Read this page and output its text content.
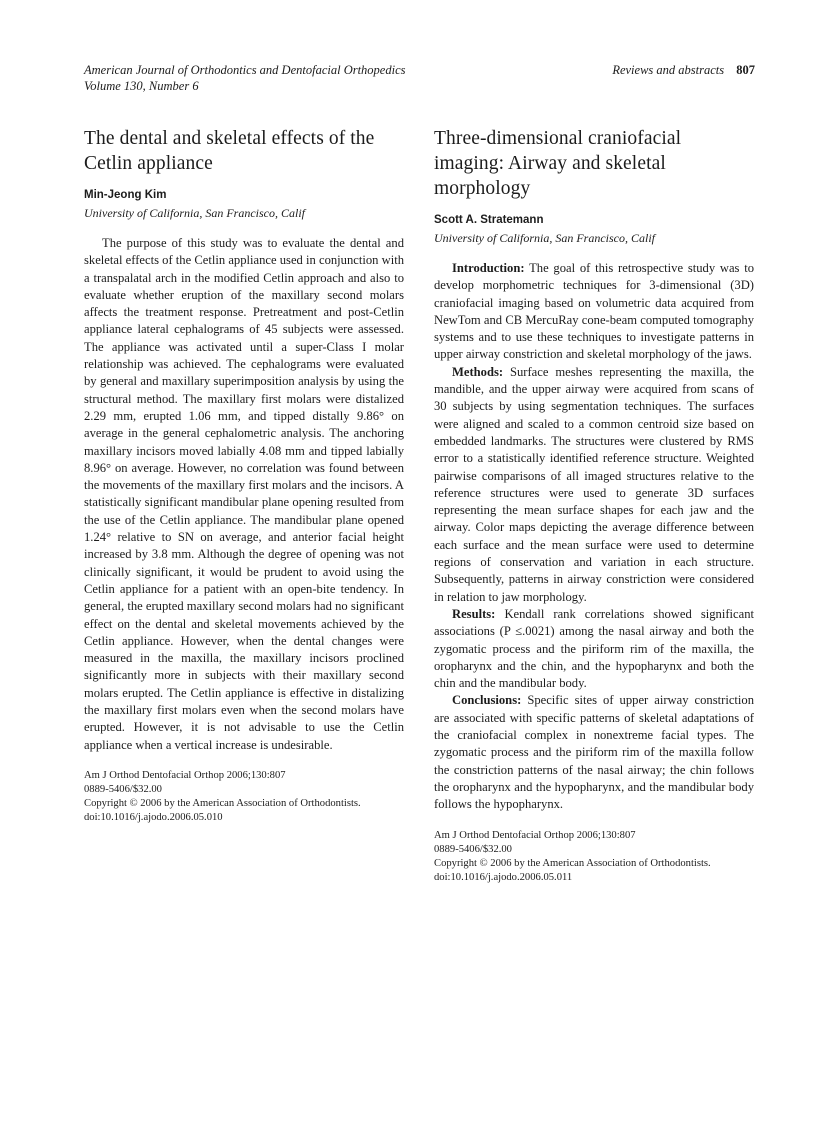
American Journal of Orthodontics and Dentofacial Orthopedics
Volume 130, Number 6
Reviews and abstracts 807
The dental and skeletal effects of the Cetlin appliance
Min-Jeong Kim
University of California, San Francisco, Calif

The purpose of this study was to evaluate the dental and skeletal effects of the Cetlin appliance used in conjunction with a transpalatal arch in the modified Cetlin approach and also to evaluate whether eruption of the maxillary second molars affects the treatment response. Pretreatment and post-Cetlin appliance lateral cephalograms of 45 subjects were assessed. The appliance was activated until a super-Class I molar relationship was achieved. The cephalograms were evaluated by general and maxillary superimposition analysis by using the structural method. The maxillary first molars were distalized 2.29 mm, erupted 1.06 mm, and tipped distally 9.86° on average in the general cephalometric analysis. The anchoring maxillary incisors moved labially 4.08 mm and tipped labially 8.96° on average. However, no correlation was found between the movements of the maxillary first molars and the incisors. A statistically significant mandibular plane opening resulted from the use of the Cetlin appliance. The mandibular plane opened 1.24° relative to SN on average, and anterior facial height increased by 3.8 mm. Although the degree of opening was not clinically significant, it would be prudent to avoid using the Cetlin appliance for a patient with an open-bite tendency. In general, the erupted maxillary second molars had no significant effect on the dental and skeletal movements achieved by the Cetlin appliance. However, when the dental changes were measured in the maxilla, the maxillary incisors proclined significantly more in subjects with their maxillary second molars erupted. The Cetlin appliance is effective in distalizing the maxillary first molars even when the second molars have erupted. However, it is not advisable to use the Cetlin appliance when a vertical increase is undesirable.

Am J Orthod Dentofacial Orthop 2006;130:807
0889-5406/$32.00
Copyright © 2006 by the American Association of Orthodontists.
doi:10.1016/j.ajodo.2006.05.010
Three-dimensional craniofacial imaging: Airway and skeletal morphology
Scott A. Stratemann
University of California, San Francisco, Calif

Introduction: The goal of this retrospective study was to develop morphometric techniques for 3-dimensional (3D) craniofacial imaging based on volumetric data acquired from NewTom and CB MercuRay cone-beam computed tomography systems and to use these techniques to investigate patterns in upper airway constriction and skeletal morphology of the jaws.

Methods: Surface meshes representing the maxilla, the mandible, and the upper airway were acquired from scans of 30 subjects by using segmentation techniques. The surfaces were aligned and scaled to a common centroid size based on embedded landmarks. The structures were clustered by RMS error to a statistically identified reference structure. Weighted pairwise comparisons of all imaged structures relative to the reference structures were used to generate 3D surfaces representing the mean surface shapes for each jaw and the airway. Color maps depicting the average difference between each surface and the mean surface were used to determine regions of conservation and variation in each structure. Subsequently, patterns in airway constriction were considered in relation to jaw morphology.

Results: Kendall rank correlations showed significant associations (P ≤.0021) among the nasal airway and both the zygomatic process and the piriform rim of the maxilla, the oropharynx and the chin, and the hypopharynx and both the chin and the mandibular body.

Conclusions: Specific sites of upper airway constriction are associated with specific patterns of skeletal adaptations of the craniofacial complex in nonextreme facial types. The zygomatic process and the piriform rim of the maxilla follow the constriction patterns of the nasal airway; the chin follows the oropharynx and the hypopharynx, and the mandibular body follows the hypopharynx.

Am J Orthod Dentofacial Orthop 2006;130:807
0889-5406/$32.00
Copyright © 2006 by the American Association of Orthodontists.
doi:10.1016/j.ajodo.2006.05.011
